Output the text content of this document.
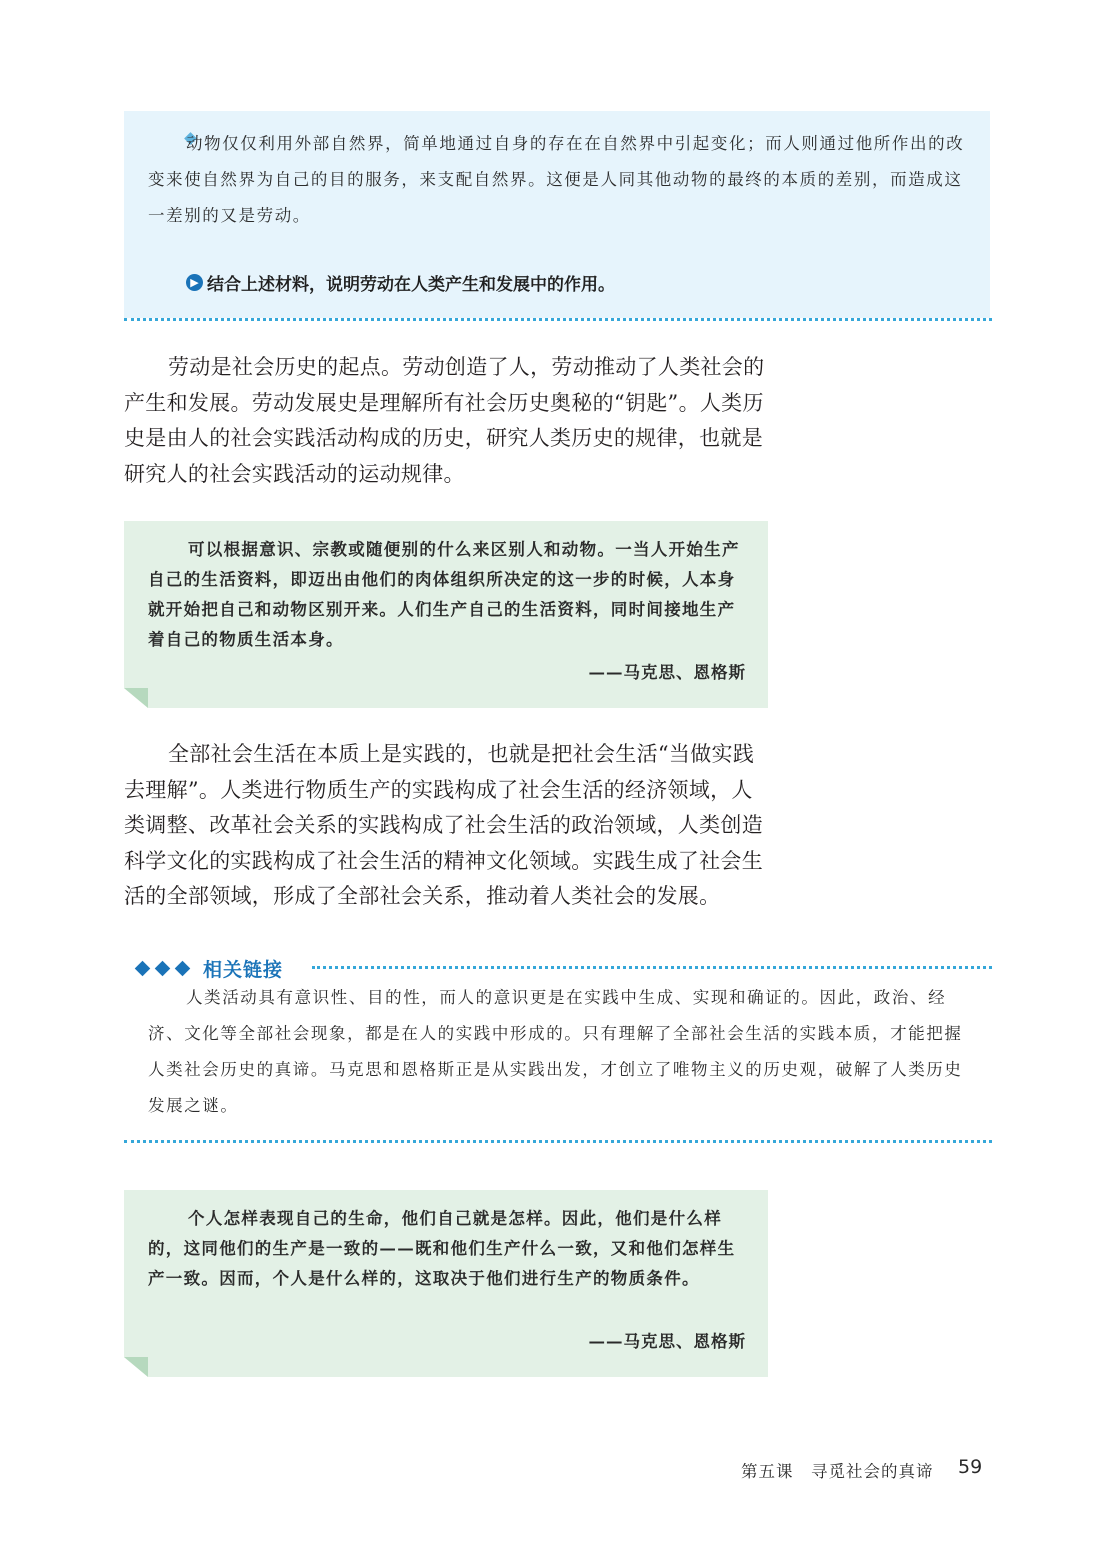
动物仅仅利用外部自然界，简单地通过自身的存在在自然界中引起变化；而人则通过他所作出的改变来使自然界为自己的目的服务，来支配自然界。这便是人同其他动物的最终的本质的差别，而造成这一差别的又是劳动。

▶ 结合上述材料，说明劳动在人类产生和发展中的作用。

劳动是社会历史的起点。劳动创造了人，劳动推动了人类社会的产生和发展。劳动发展史是理解所有社会历史奥秘的“钥匙”。人类历史是由人的社会实践活动构成的历史，研究人类历史的规律，也就是研究人的社会实践活动的运动规律。

可以根据意识、宗教或随便别的什么来区别人和动物。一当人开始生产自己的生活资料，即迈出由他们的肉体组织所决定的这一步的时候，人本身就开始把自己和动物区别开来。人们生产自己的生活资料，同时间接地生产着自己的物质生活本身。

——马克思、恩格斯

全部社会生活在本质上是实践的，也就是把社会生活“当做实践去理解”。人类进行物质生产的实践构成了社会生活的经济领域，人类调整、改革社会关系的实践构成了社会生活的政治领域，人类创造科学文化的实践构成了社会生活的精神文化领域。实践生成了社会生活的全部领域，形成了全部社会关系，推动着人类社会的发展。

相关链接

人类活动具有意识性、目的性，而人的意识更是在实践中生成、实现和确证的。因此，政治、经济、文化等全部社会现象，都是在人的实践中形成的。只有理解了全部社会生活的实践本质，才能把握人类社会历史的真谛。马克思和恩格斯正是从实践出发，才创立了唯物主义的历史观，破解了人类历史发展之谜。

个人怎样表现自己的生命，他们自己就是怎样。因此，他们是什么样的，这同他们的生产是一致的——既和他们生产什么一致，又和他们怎样生产一致。因而，个人是什么样的，这取决于他们进行生产的物质条件。

——马克思、恩格斯
第五课　寻觅社会的真谛 59
